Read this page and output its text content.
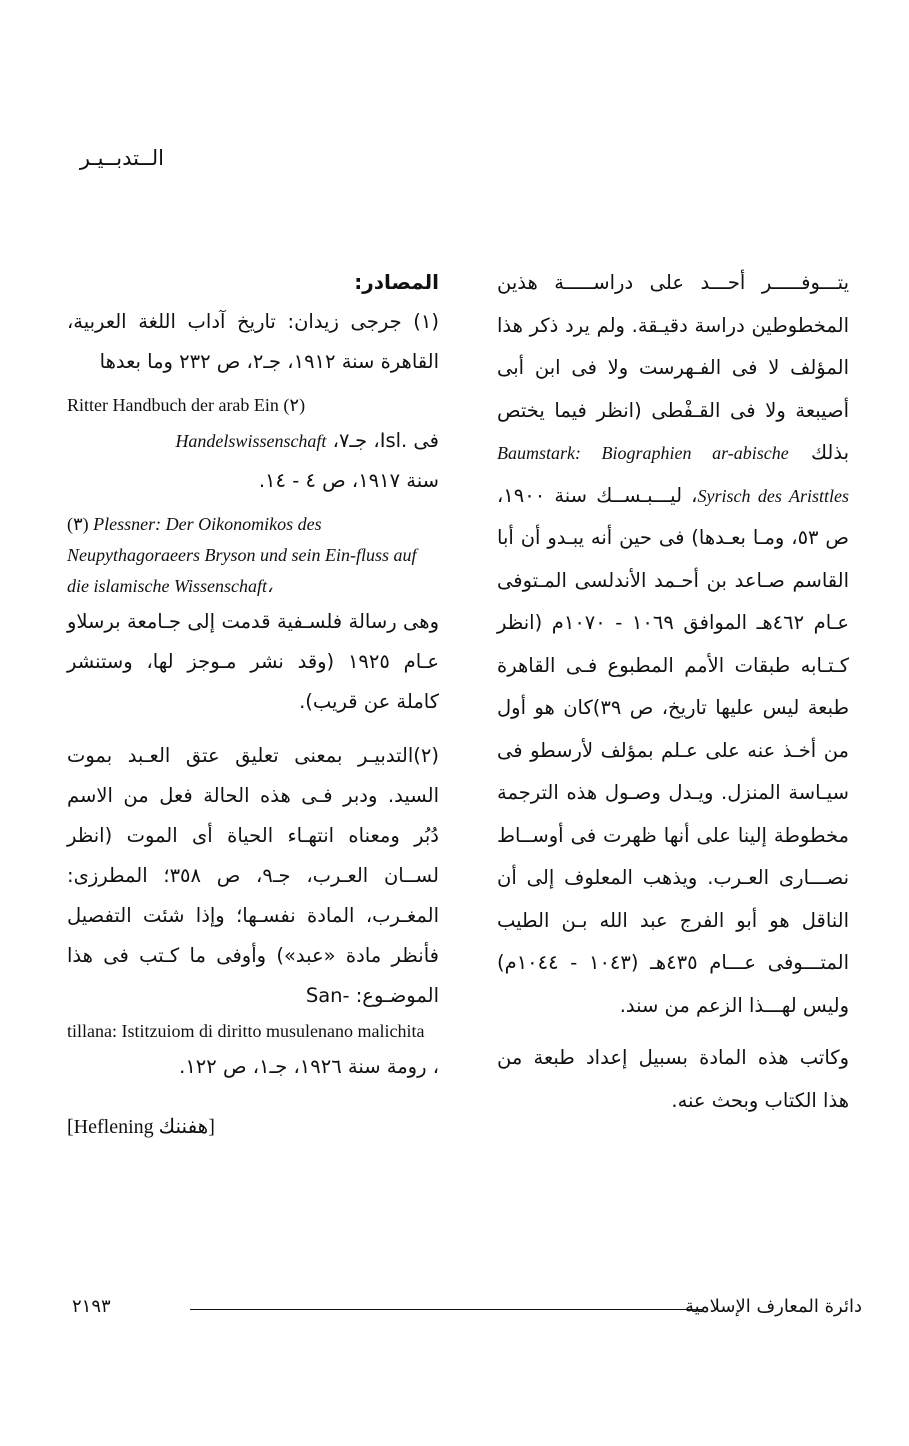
الــتدبــيـر

يتـــوفـــــر أحـــد على دراســـــة هذين المخطوطين دراسة دقيـقة. ولم يرد ذكر هذا المؤلف لا فى الفـهرست ولا فى ابن أبى أصيبعة ولا فى القـفْطى (انظر فيما يختص بذلك Baumstark: Biographien ar-abische Syrisch des Aristtles، ليـــبـســك سنة ١٩٠٠، ص ٥٣، ومـا بعـدها) فى حين أنه يبـدو أن أبا القاسم صـاعد بن أحـمد الأندلسى المـتوفى عـام ٤٦٢هـ الموافق ١٠٦٩ - ١٠٧٠م (انظر كـتـابه طبقات الأمم المطبوع فـى القاهرة طبعة ليس عليها تاريخ، ص ٣٩)كان هو أول من أخـذ عنه على عـلم بمؤلف لأرسطو فى سيـاسة المنزل. ويـدل وصـول هذه الترجمة مخطوطة إلينا على أنها ظهرت فى أوســاط نصـــارى العـرب. ويذهب المعلوف إلى أن الناقل هو أبو الفرج عبد الله بـن الطيب المتـــوفى عـــام ٤٣٥هـ (١٠٤٣ - ١٠٤٤م) وليس لهـــذا الزعم من سند.

وكاتب هذه المادة بسبيل إعداد طبعة من هذا الكتاب وبحث عنه.

المصادر:

(١) جرجى زيدان: تاريخ آداب اللغة العربية، القاهرة سنة ١٩١٢، جـ٢، ص ٢٣٢ وما بعدها

Ritter Handbuch der arab Ein (٢)

فى .Isl، جـ٧، Handelswissenschaft

سنة ١٩١٧، ص ٤ - ١٤.

(٣) Plessner: Der Oikonomikos des Neupythagoraeers Bryson und sein Ein-fluss auf die islamische Wissenschaft،

وهى رسالة فلسـفية قدمت إلى جـامعة برسلاو عـام ١٩٢٥ (وقد نشر مـوجز لها، وستنشر كاملة عن قريب).

(٢)التدبيـر بمعنى تعليق عتق العـبد بموت السيد. ودبر فـى هذه الحالة فعل من الاسم دُبُر ومعناه انتهـاء الحياة أى الموت (انظر لســان العـرب، جـ٩، ص ٣٥٨؛ المطرزى: المغـرب، المادة نفسـها؛ وإذا شئت التفصيل فأنظر مادة «عبد») وأوفى ما كـتب فى هذا الموضـوع: -San

tillana: Istitzuiom di diritto musulenano malichita

، رومة سنة ١٩٢٦، جـ١، ص ١٢٢.

[Heflening هفننك]

دائرة المعارف الإسلامية
٢١٩٣
